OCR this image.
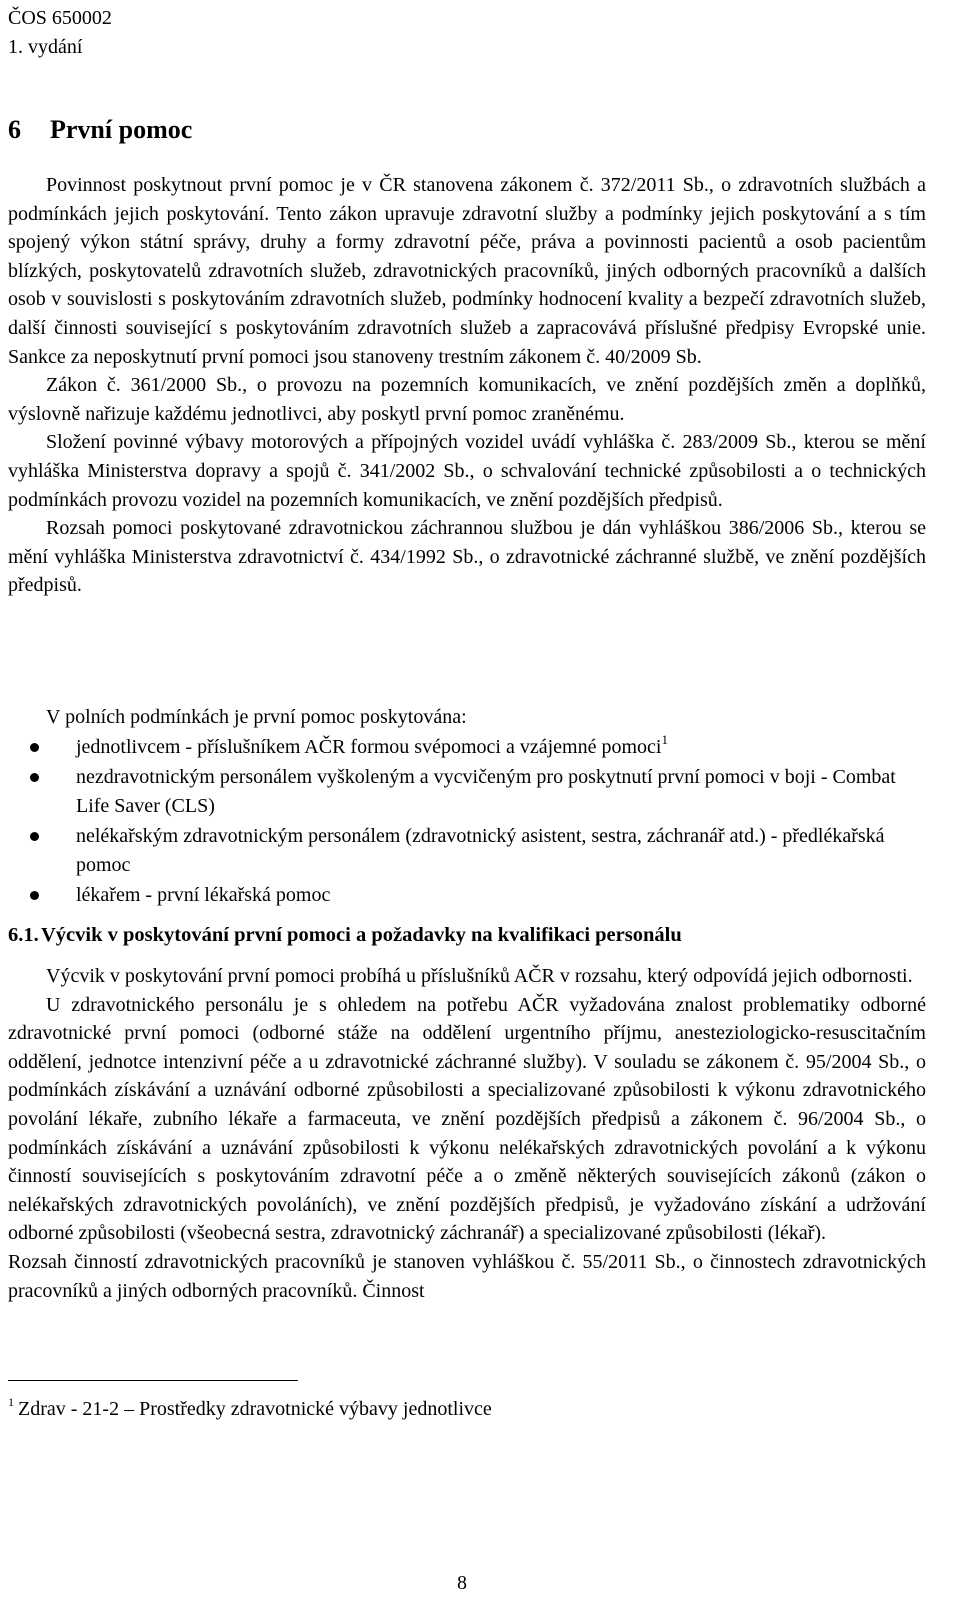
ČOS 650002
1. vydání
6 První pomoc

Povinnost poskytnout první pomoc je v ČR stanovena zákonem č. 372/2011 Sb., o zdravotních službách a podmínkách jejich poskytování. Tento zákon upravuje zdravotní služby a podmínky jejich poskytování a s tím spojený výkon státní správy, druhy a formy zdravotní péče, práva a povinnosti pacientů a osob pacientům blízkých, poskytovatelů zdravotních služeb, zdravotnických pracovníků, jiných odborných pracovníků a dalších osob v souvislosti s poskytováním zdravotních služeb, podmínky hodnocení kvality a bezpečí zdravotních služeb, další činnosti související s poskytováním zdravotních služeb a zapracovává příslušné předpisy Evropské unie. Sankce za neposkytnutí první pomoci jsou stanoveny trestním zákonem č. 40/2009 Sb.

Zákon č. 361/2000 Sb., o provozu na pozemních komunikacích, ve znění pozdějších změn a doplňků, výslovně nařizuje každému jednotlivci, aby poskytl první pomoc zraněnému.

Složení povinné výbavy motorových a přípojných vozidel uvádí vyhláška č. 283/2009 Sb., kterou se mění vyhláška Ministerstva dopravy a spojů č. 341/2002 Sb., o schvalování technické způsobilosti a o technických podmínkách provozu vozidel na pozemních komunikacích, ve znění pozdějších předpisů.

Rozsah pomoci poskytované zdravotnickou záchrannou službou je dán vyhláškou 386/2006 Sb., kterou se mění vyhláška Ministerstva zdravotnictví č. 434/1992 Sb., o zdravotnické záchranné službě, ve znění pozdějších předpisů.

V polních podmínkách je první pomoc poskytována:
jednotlivcem - příslušníkem AČR formou svépomoci a vzájemné pomoci$^1$
nezdravotnickým personálem vyškoleným a vycvičeným pro poskytnutí první pomoci v boji - Combat Life Saver (CLS)
nelékařským zdravotnickým personálem (zdravotnický asistent, sestra, záchranář atd.) - předlékařská pomoc
lékařem - první lékařská pomoc
6.1. Výcvik v poskytování první pomoci a požadavky na kvalifikaci personálu

Výcvik v poskytování první pomoci probíhá u příslušníků AČR v rozsahu, který odpovídá jejich odbornosti.

U zdravotnického personálu je s ohledem na potřebu AČR vyžadována znalost problematiky odborné zdravotnické první pomoci (odborné stáže na oddělení urgentního příjmu, anesteziologicko-resuscitačním oddělení, jednotce intenzivní péče a u zdravotnické záchranné služby). V souladu se zákonem č. 95/2004 Sb., o podmínkách získávání a uznávání odborné způsobilosti a specializované způsobilosti k výkonu zdravotnického povolání lékaře, zubního lékaře a farmaceuta, ve znění pozdějších předpisů a zákonem č. 96/2004 Sb., o podmínkách získávání a uznávání způsobilosti k výkonu nelékařských zdravotnických povolání a k výkonu činností souvisejících s poskytováním zdravotní péče a o změně některých souvisejících zákonů (zákon o nelékařských zdravotnických povoláních), ve znění pozdějších předpisů, je vyžadováno získání a udržování odborné způsobilosti (všeobecná sestra, zdravotnický záchranář) a specializované způsobilosti (lékař).

Rozsah činností zdravotnických pracovníků je stanoven vyhláškou č. 55/2011 Sb., o činnostech zdravotnických pracovníků a jiných odborných pracovníků. Činnost

$^1$ Zdrav - 21-2 – Prostředky zdravotnické výbavy jednotlivce
8
